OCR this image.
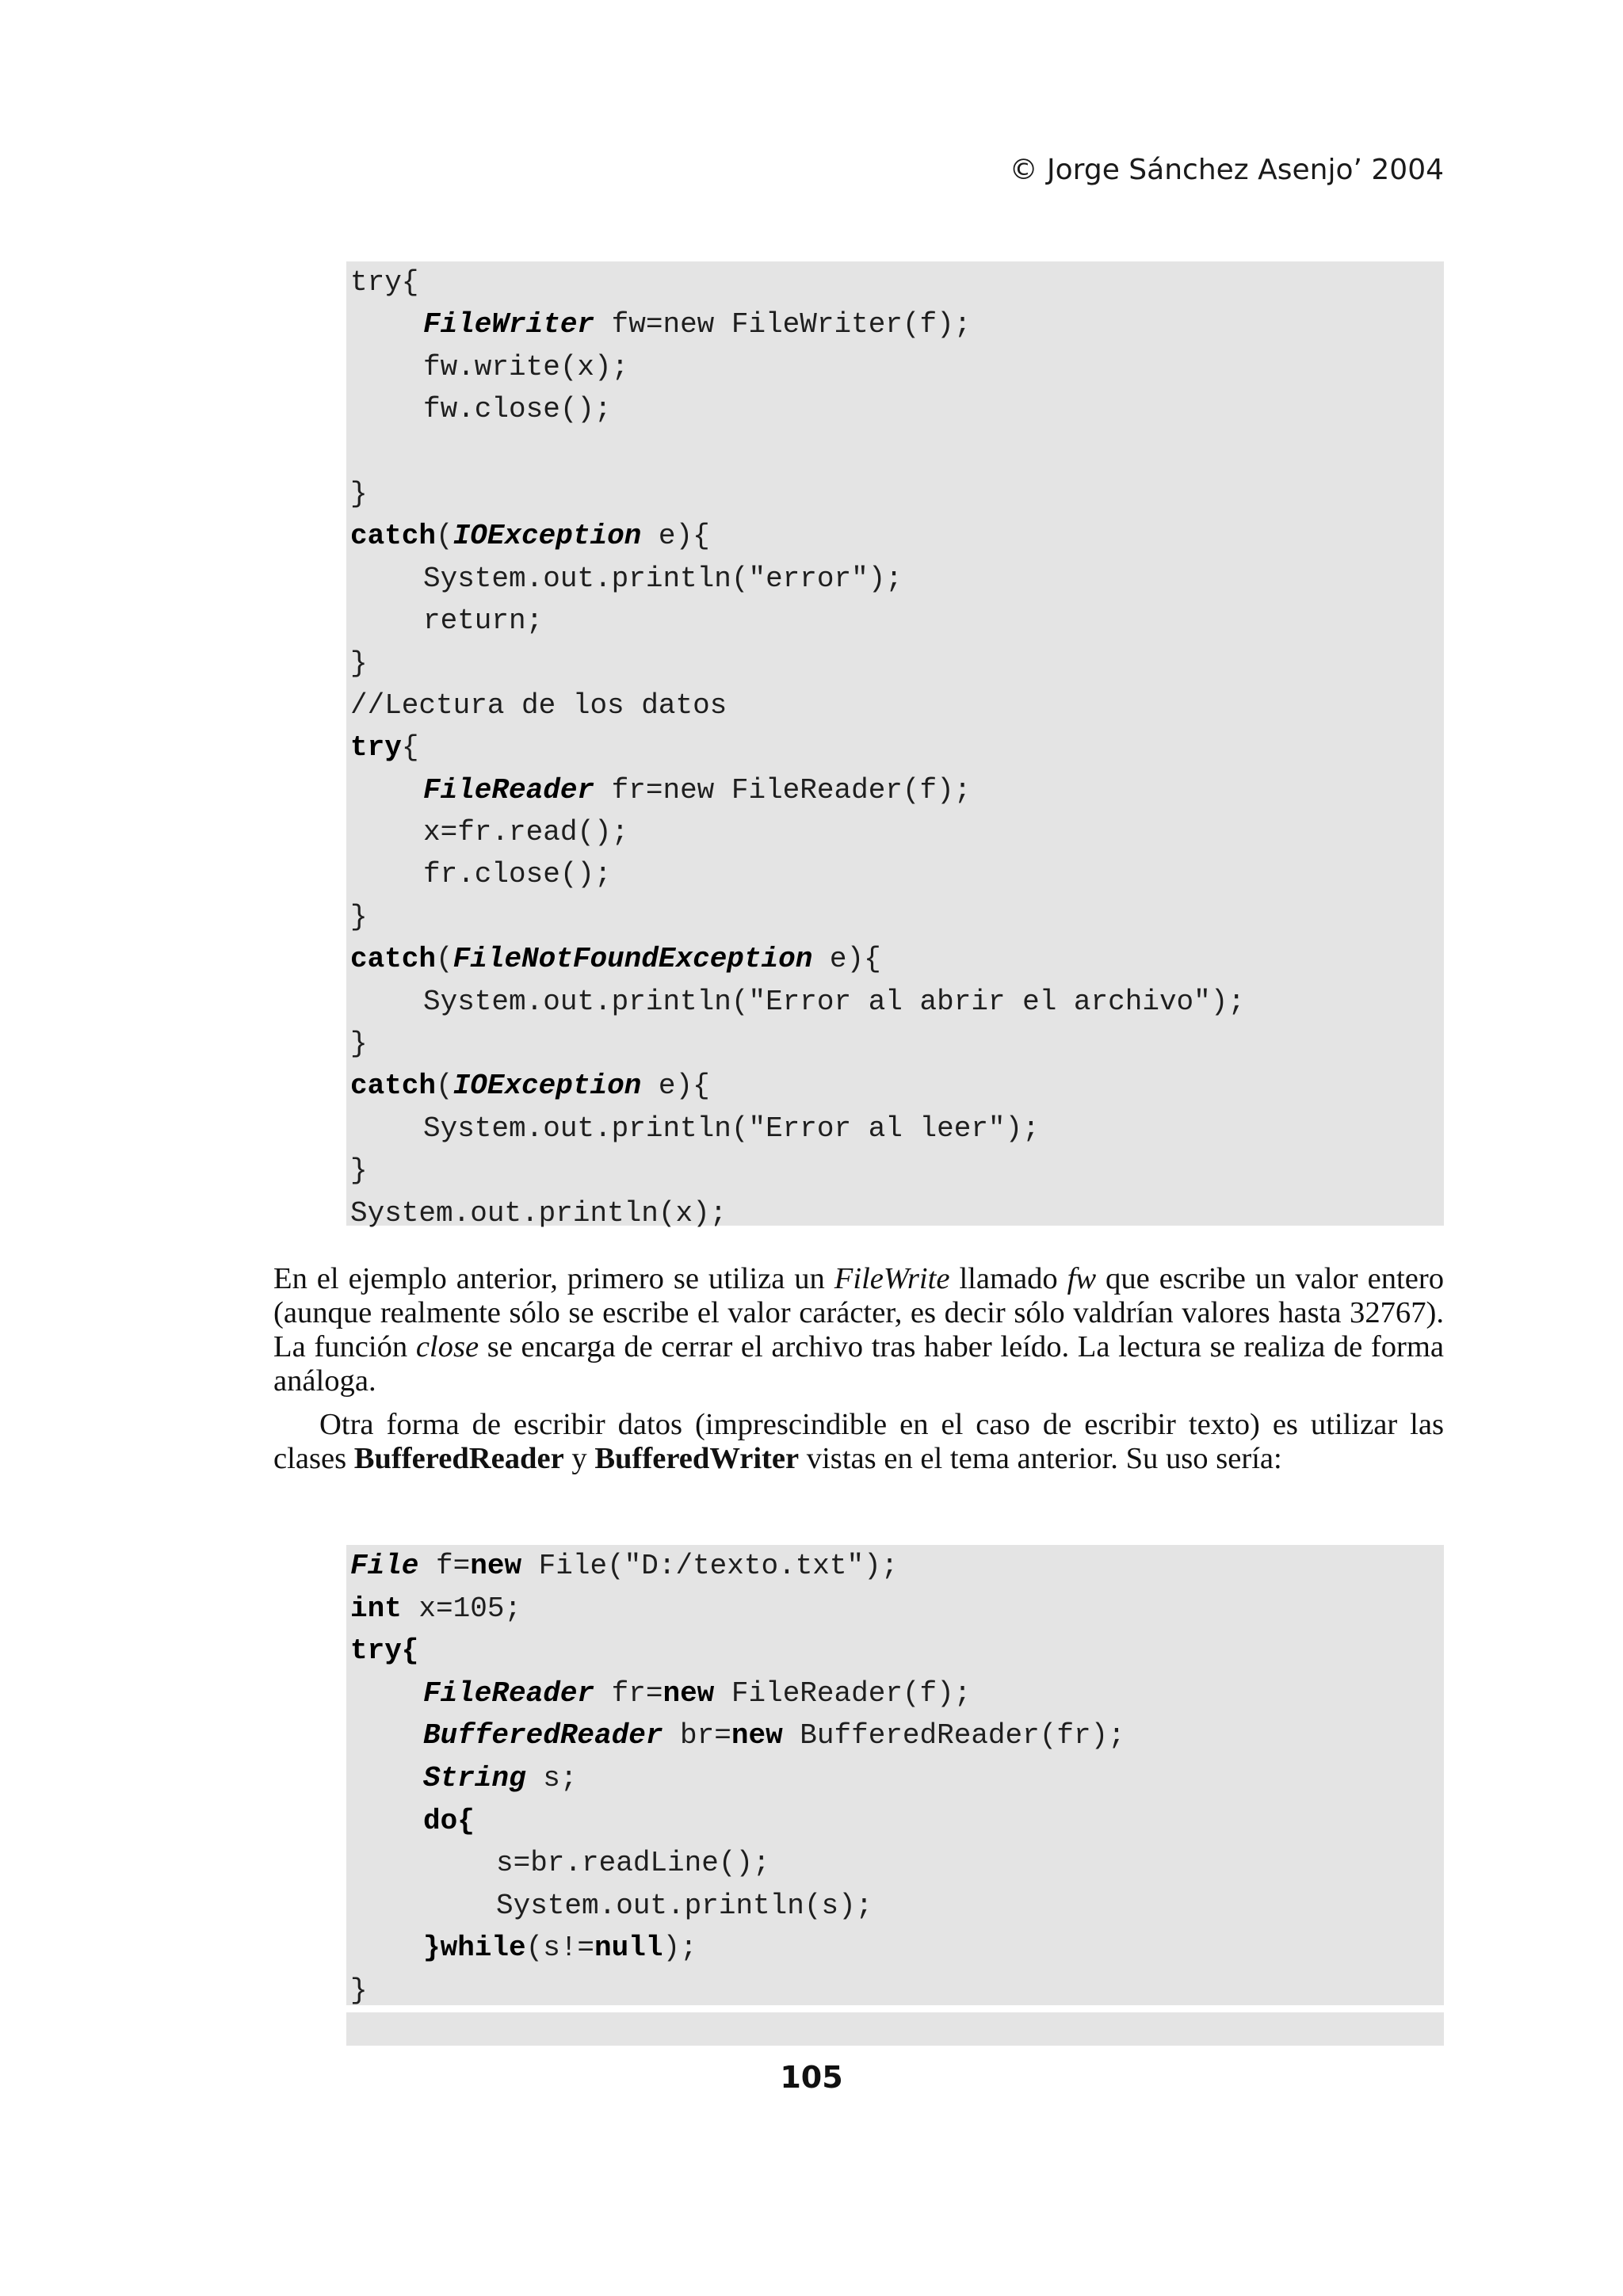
© Jorge Sánchez Asenjo’ 2004
try{
FileWriter fw=new FileWriter(f);
fw.write(x);
fw.close();
}
catch(IOException e){
System.out.println("error");
return;
}
//Lectura de los datos
try{
FileReader fr=new FileReader(f);
x=fr.read();
fr.close();
}
catch(FileNotFoundException e){
System.out.println("Error al abrir el archivo");
}
catch(IOException e){
System.out.println("Error al leer");
}
System.out.println(x);

En el ejemplo anterior, primero se utiliza un FileWrite llamado fw que escribe un valor entero (aunque realmente sólo se escribe el valor carácter, es decir sólo valdrían valores hasta 32767). La función close se encarga de cerrar el archivo tras haber leído. La lectura se realiza de forma análoga.

Otra forma de escribir datos (imprescindible en el caso de escribir texto) es utilizar las clases BufferedReader y BufferedWriter vistas en el tema anterior. Su uso sería:

File f=new File("D:/texto.txt");
int x=105;
try{
FileReader fr=new FileReader(f);
BufferedReader br=new BufferedReader(fr);
String s;
do{
s=br.readLine();
System.out.println(s);
}while(s!=null);
}
105
